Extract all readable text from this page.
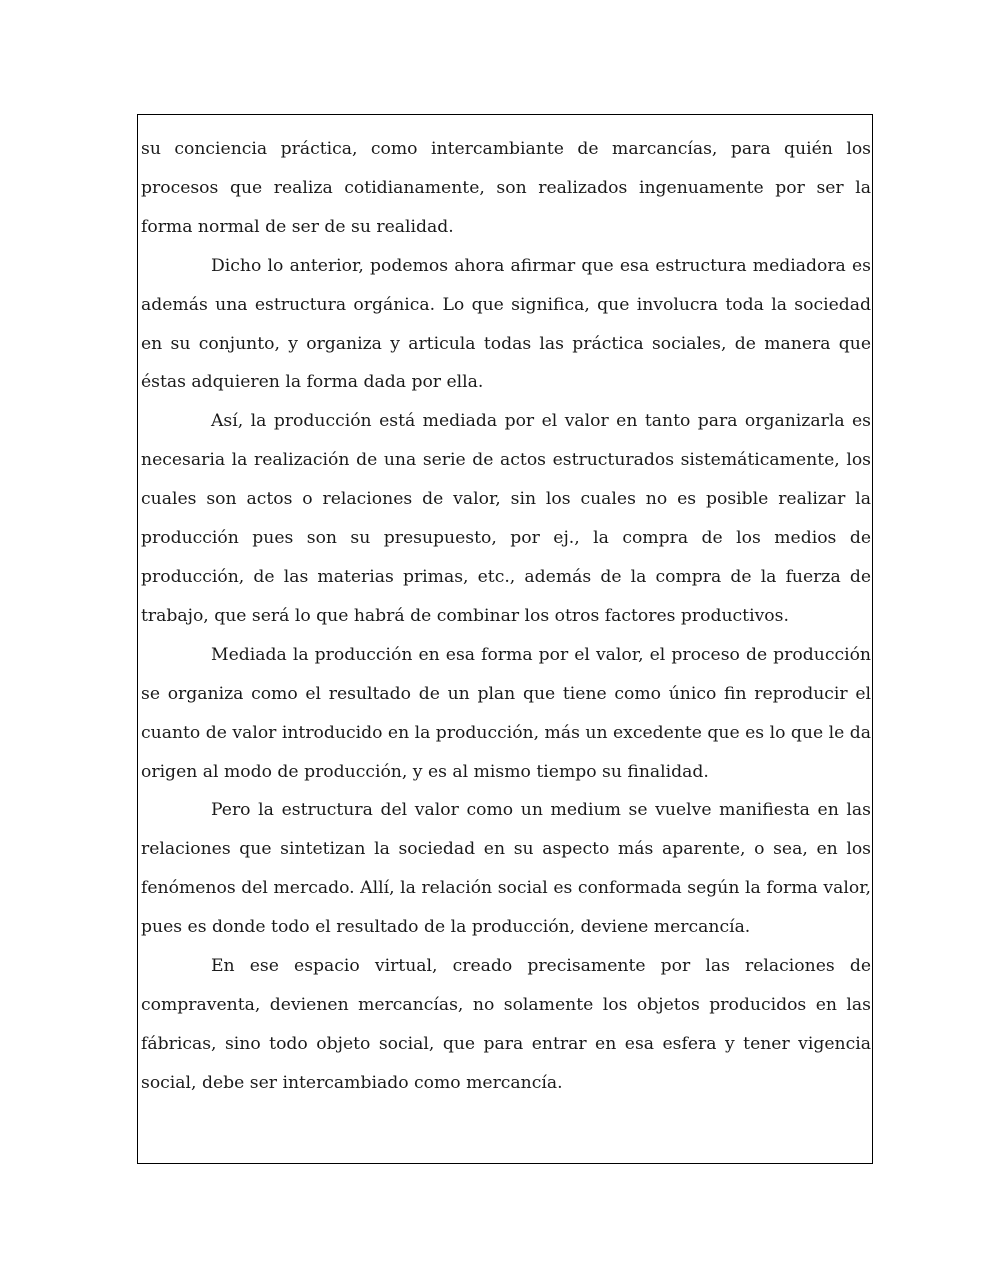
su conciencia práctica, como intercambiante de marcancías, para quién los procesos que realiza cotidianamente, son realizados ingenuamente por ser la forma normal de ser de su realidad.

Dicho lo anterior, podemos ahora afirmar que esa estructura mediadora es además una estructura orgánica. Lo que significa, que involucra toda la sociedad en su conjunto, y organiza y articula todas las práctica sociales, de manera que éstas adquieren la forma dada por ella.

Así, la producción está mediada por el valor en tanto para organizarla es necesaria la realización de una serie de actos estructurados sistemáticamente, los cuales son actos o relaciones de valor, sin los cuales no es posible realizar la producción pues son su presupuesto, por ej., la compra de los medios de producción, de las materias primas, etc., además de la compra de la fuerza de trabajo, que será lo que habrá de combinar los otros factores productivos.

Mediada la producción en esa forma por el valor, el proceso de producción se organiza como el resultado de un plan que tiene como único fin reproducir el cuanto de valor introducido en la producción, más un excedente que es lo que le da origen al modo de producción, y es al mismo tiempo su finalidad.

Pero la estructura del valor como un medium se vuelve manifiesta en las relaciones que sintetizan la sociedad en su aspecto más aparente, o sea, en los fenómenos del mercado. Allí, la relación social es conformada según la forma valor, pues es donde todo el resultado de la producción, deviene mercancía.

En ese espacio virtual, creado precisamente por las relaciones de compraventa, devienen mercancías, no solamente los objetos producidos en las fábricas, sino todo objeto social, que para entrar en esa esfera y tener vigencia social, debe ser intercambiado como mercancía.
